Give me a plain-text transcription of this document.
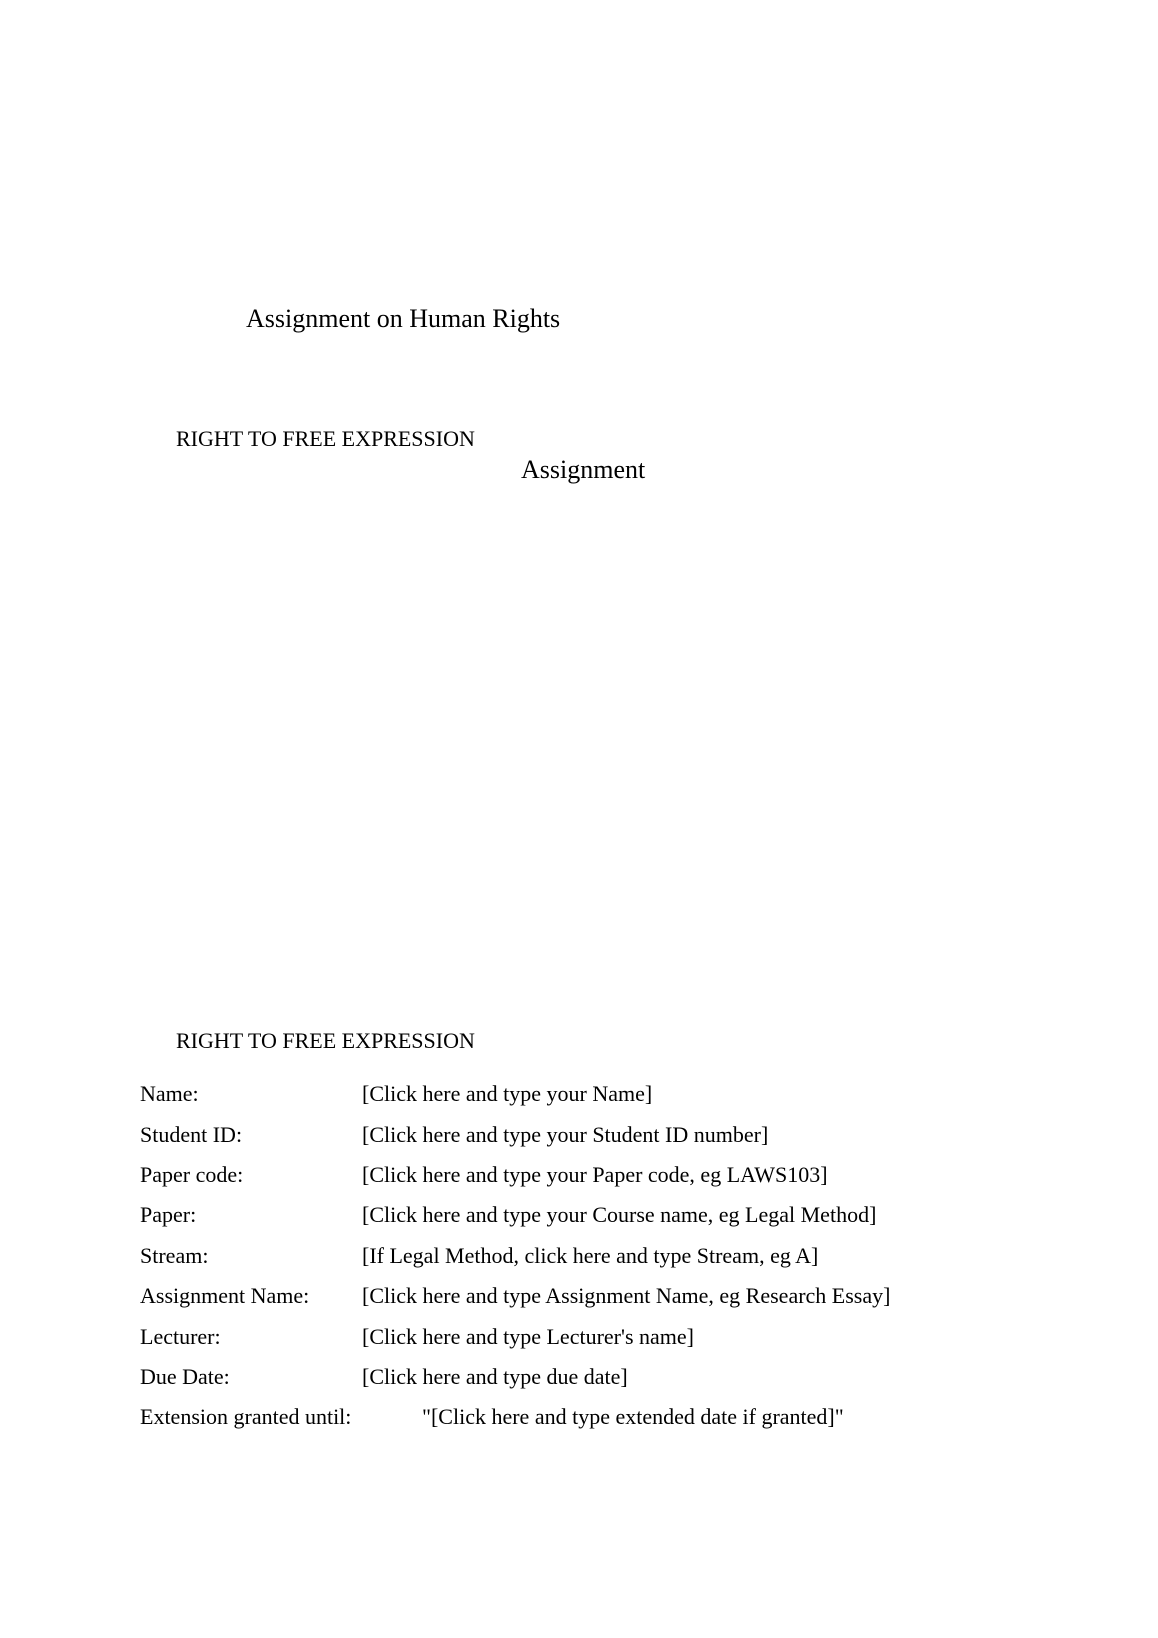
Assignment on Human Rights
RIGHT TO FREE EXPRESSION
Assignment
RIGHT TO FREE EXPRESSION
Name:	[Click here and type your Name]
Student ID:	[Click here and type your Student ID number]
Paper code:	[Click here and type your Paper code, eg LAWS103]
Paper:	[Click here and type your Course name, eg Legal Method]
Stream:	[If Legal Method, click here and type Stream, eg A]
Assignment Name: [Click here and type Assignment Name, eg Research Essay]
Lecturer:	[Click here and type Lecturer's name]
Due Date:	[Click here and type due date]
Extension granted until:	"[Click here and type extended date if granted]"
